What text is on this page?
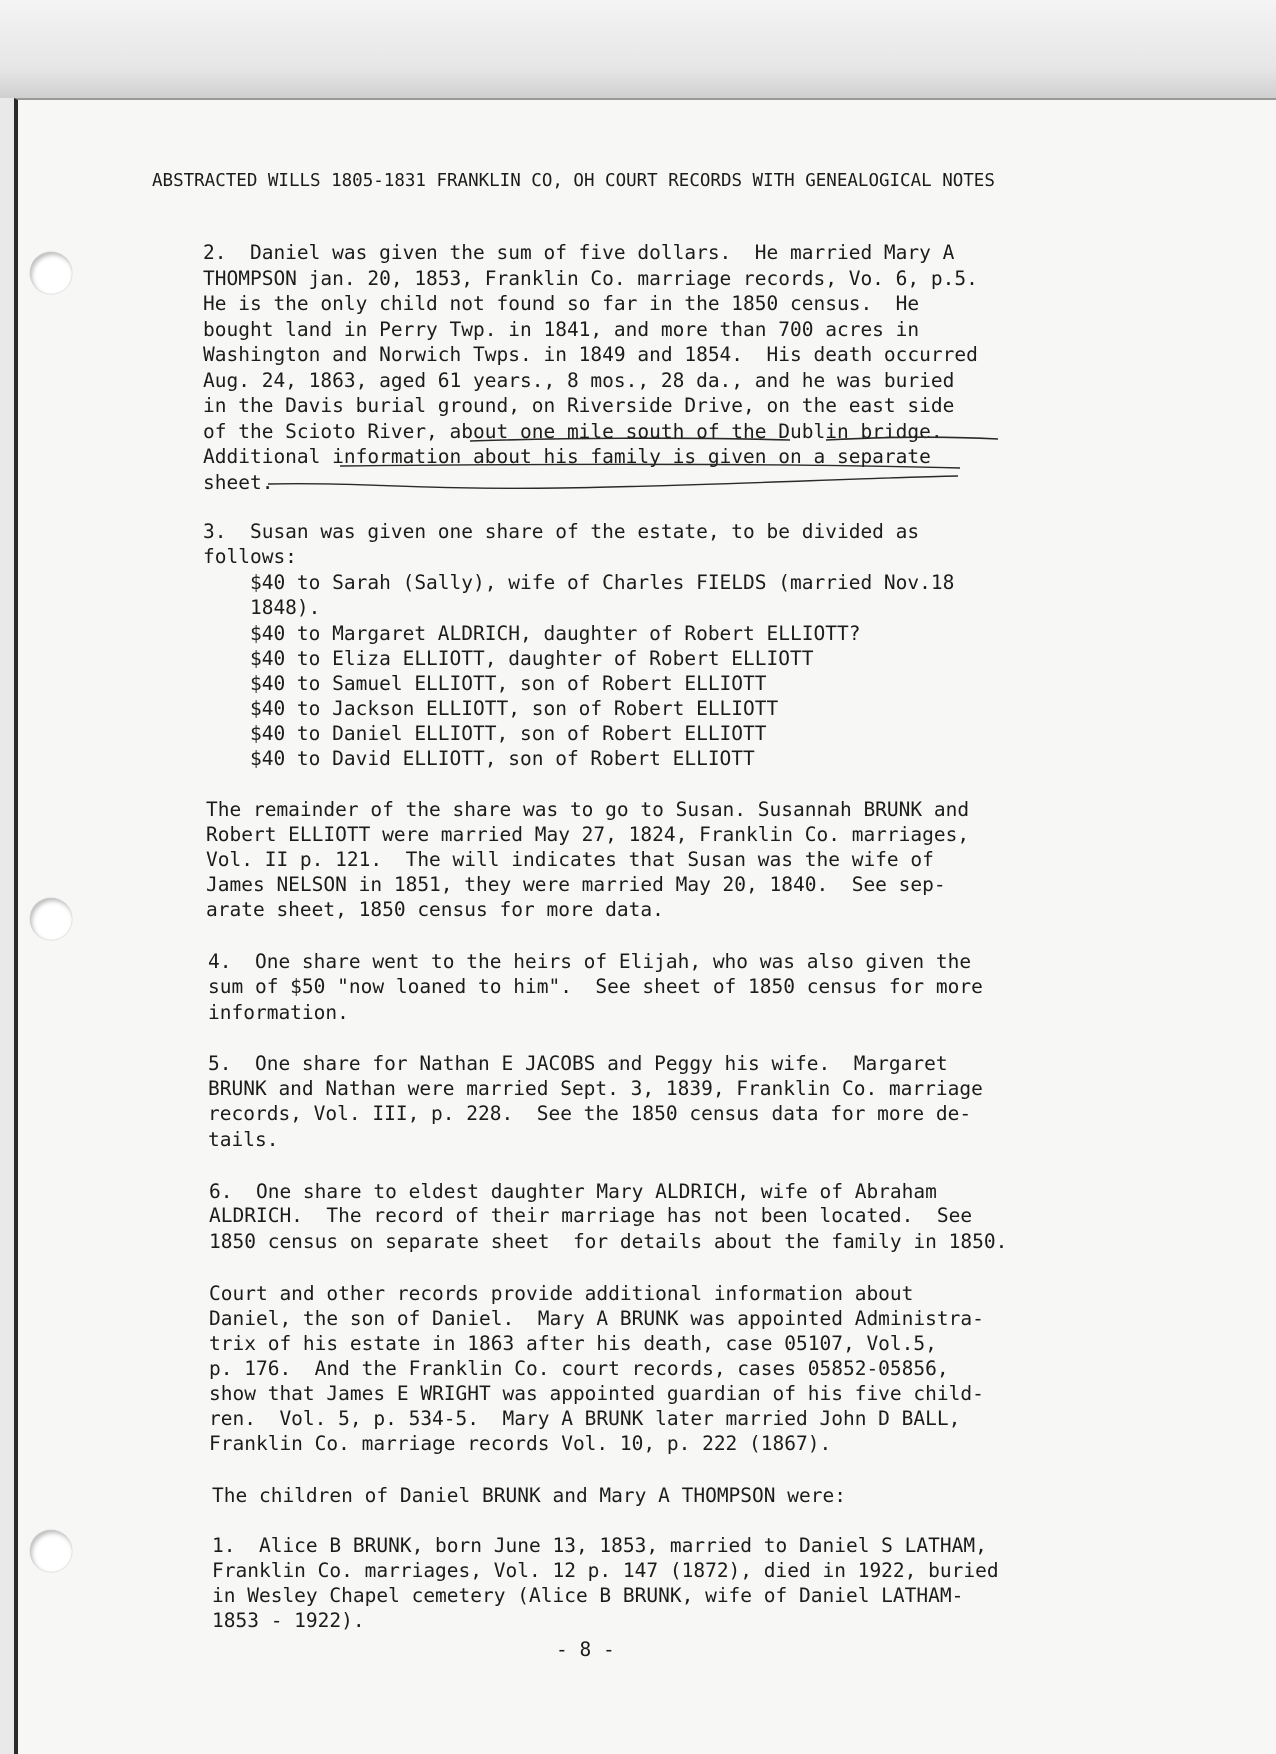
ABSTRACTED WILLS 1805-1831 FRANKLIN CO, OH COURT RECORDS WITH GENEALOGICAL NOTES
2.  Daniel was given the sum of five dollars.  He married Mary A
THOMPSON jan. 20, 1853, Franklin Co. marriage records, Vo. 6, p.5.
He is the only child not found so far in the 1850 census.  He
bought land in Perry Twp. in 1841, and more than 700 acres in
Washington and Norwich Twps. in 1849 and 1854.  His death occurred
Aug. 24, 1863, aged 61 years., 8 mos., 28 da., and he was buried
in the Davis burial ground, on Riverside Drive, on the east side
of the Scioto River, about one mile south of the Dublin bridge.
Additional information about his family is given on a separate
sheet.
3.  Susan was given one share of the estate, to be divided as
follows:
$40 to Sarah (Sally), wife of Charles FIELDS (married Nov.18
1848).
$40 to Margaret ALDRICH, daughter of Robert ELLIOTT?
$40 to Eliza ELLIOTT, daughter of Robert ELLIOTT
$40 to Samuel ELLIOTT, son of Robert ELLIOTT
$40 to Jackson ELLIOTT, son of Robert ELLIOTT
$40 to Daniel ELLIOTT, son of Robert ELLIOTT
$40 to David ELLIOTT, son of Robert ELLIOTT
The remainder of the share was to go to Susan. Susannah BRUNK and
Robert ELLIOTT were married May 27, 1824, Franklin Co. marriages,
Vol. II p. 121.  The will indicates that Susan was the wife of
James NELSON in 1851, they were married May 20, 1840.  See sep-
arate sheet, 1850 census for more data.
4.  One share went to the heirs of Elijah, who was also given the
sum of $50 "now loaned to him".  See sheet of 1850 census for more
information.
5.  One share for Nathan E JACOBS and Peggy his wife.  Margaret
BRUNK and Nathan were married Sept. 3, 1839, Franklin Co. marriage
records, Vol. III, p. 228.  See the 1850 census data for more de-
tails.
6.  One share to eldest daughter Mary ALDRICH, wife of Abraham
ALDRICH.  The record of their marriage has not been located.  See
1850 census on separate sheet  for details about the family in 1850.
Court and other records provide additional information about
Daniel, the son of Daniel.  Mary A BRUNK was appointed Administra-
trix of his estate in 1863 after his death, case 05107, Vol.5,
p. 176.  And the Franklin Co. court records, cases 05852-05856,
show that James E WRIGHT was appointed guardian of his five child-
ren.  Vol. 5, p. 534-5.  Mary A BRUNK later married John D BALL,
Franklin Co. marriage records Vol. 10, p. 222 (1867).
The children of Daniel BRUNK and Mary A THOMPSON were:
1.  Alice B BRUNK, born June 13, 1853, married to Daniel S LATHAM,
Franklin Co. marriages, Vol. 12 p. 147 (1872), died in 1922, buried
in Wesley Chapel cemetery (Alice B BRUNK, wife of Daniel LATHAM-
1853 - 1922).
- 8 -
